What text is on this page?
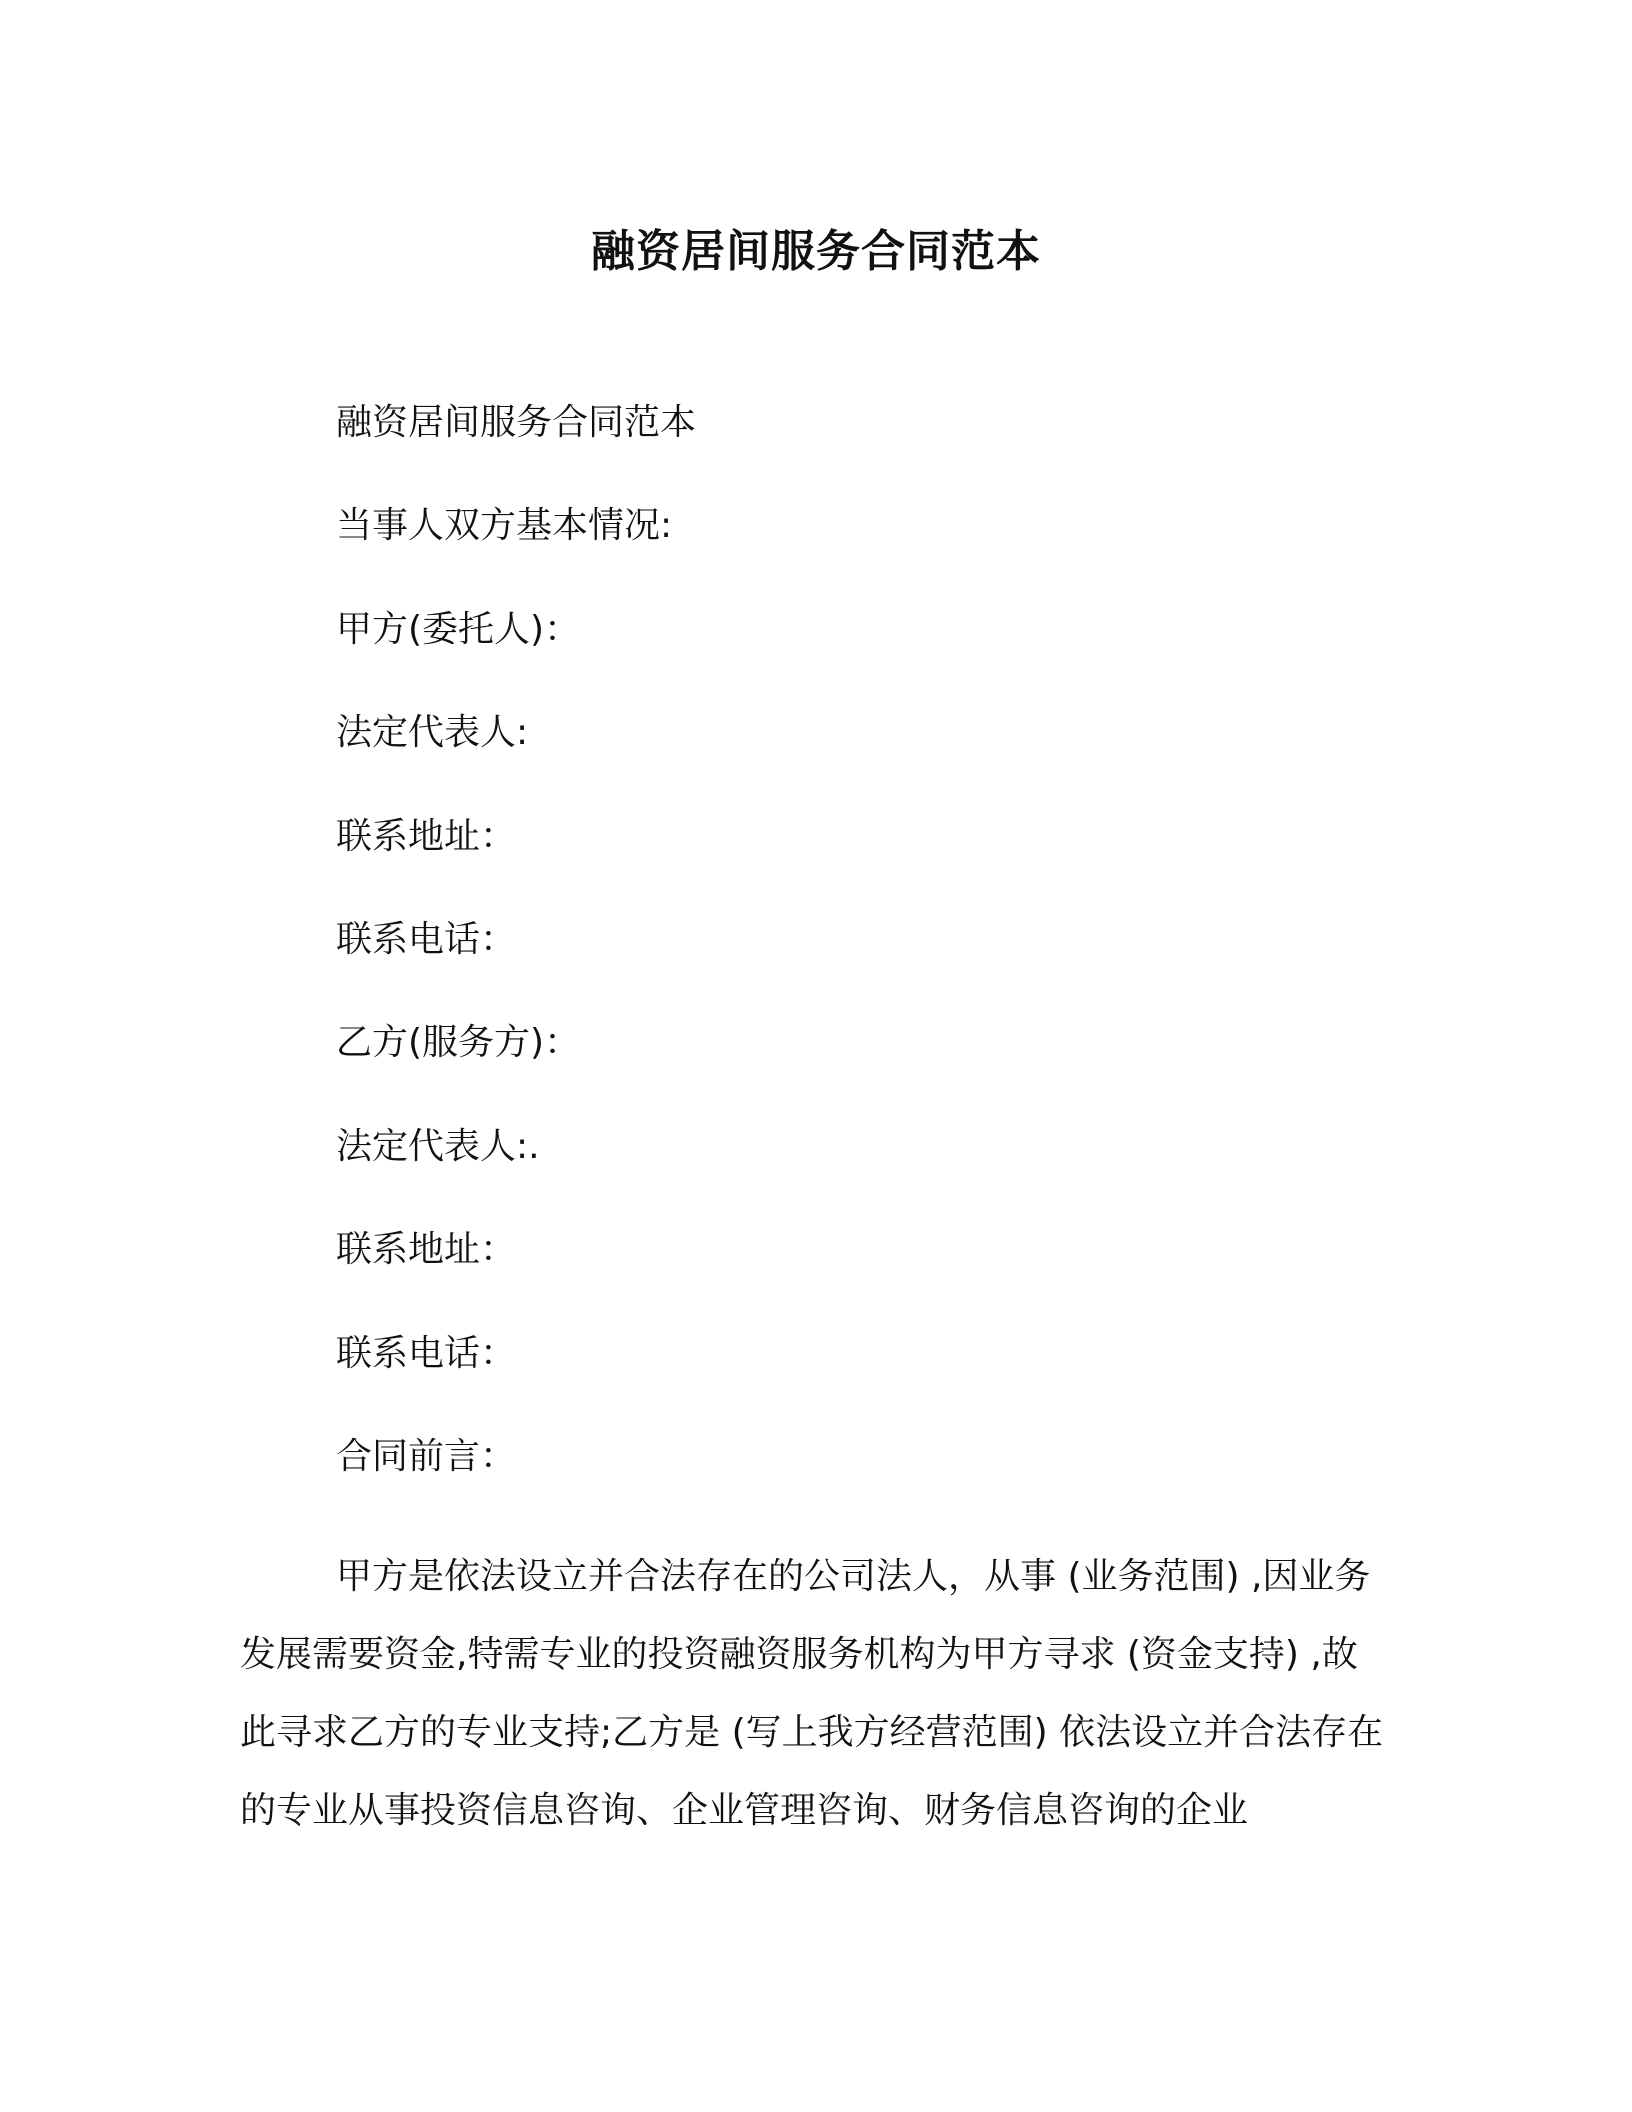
融资居间服务合同范本

融资居间服务合同范本

当事人双方基本情况:

甲方(委托人)：

法定代表人:

联系地址：

联系电话：

乙方(服务方)：

法定代表人:.

联系地址：

联系电话：

合同前言：

甲方是依法设立并合法存在的公司法人，从事 (业务范围) ,因业务发展需要资金,特需专业的投资融资服务机构为甲方寻求 (资金支持) ,故此寻求乙方的专业支持;乙方是 (写上我方经营范围) 依法设立并合法存在的专业从事投资信息咨询、企业管理咨询、财务信息咨询的企业
